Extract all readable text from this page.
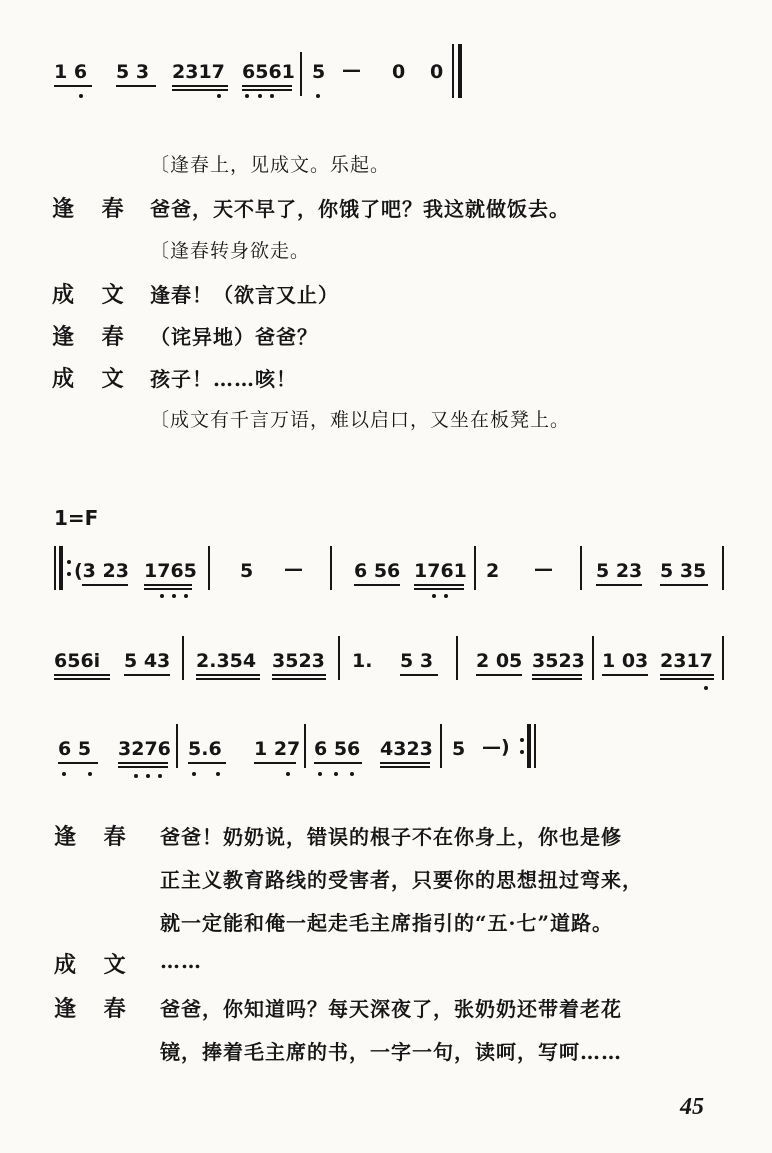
1 6 5 3 2317 6561 5 — 0 0
〔逢春上，见成文。乐起。
逢 春 爸爸，天不早了，你饿了吧？我这就做饭去。
〔逢春转身欲走。
成 文 逢春！（欲言又止）
逢 春 （诧异地）爸爸？
成 文 孩子！……咳！
〔成文有千言万语，难以启口，又坐在板凳上。
1=F
(3 23 1765 5 —	6 56 1761 2 — 5 23 5 35
656i 5 43 2.354 3523 1. 5 3 2 05 3523 1 03 2317
6 5 3276 5.6 1 27 6 56 4323 5 —)
逢 春 爸爸！奶奶说，错误的根子不在你身上，你也是修
正主义教育路线的受害者，只要你的思想扭过弯来，
就一定能和俺一起走毛主席指引的“五·七”道路。
成 文 ……
逢 春 爸爸，你知道吗？每天深夜了，张奶奶还带着老花
镜，捧着毛主席的书，一字一句，读呵，写呵……
45
